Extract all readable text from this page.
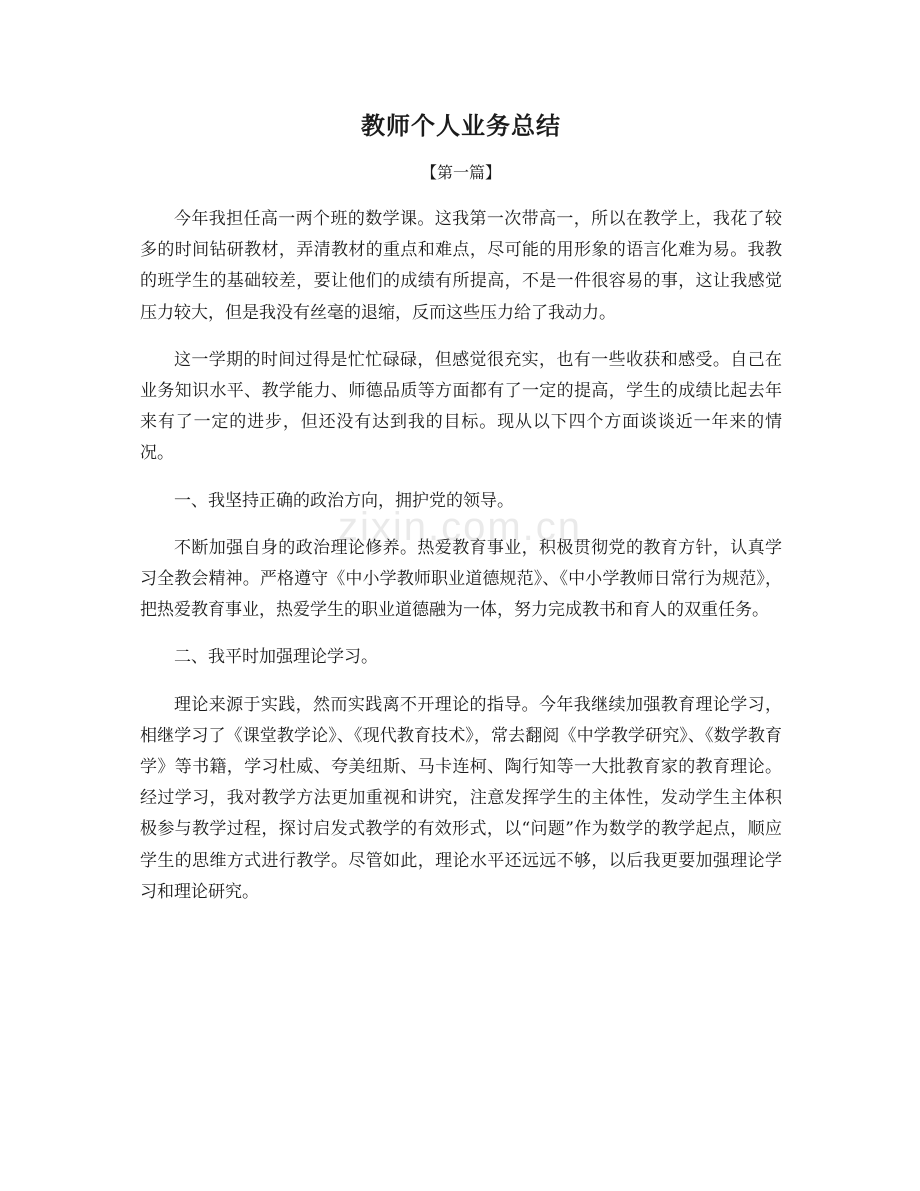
zixin.com.cn
教师个人业务总结

【第一篇】

今年我担任高一两个班的数学课。这我第一次带高一，所以在教学上，我花了较多的时间钻研教材，弄清教材的重点和难点，尽可能的用形象的语言化难为易。我教的班学生的基础较差，要让他们的成绩有所提高，不是一件很容易的事，这让我感觉压力较大，但是我没有丝毫的退缩，反而这些压力给了我动力。

这一学期的时间过得是忙忙碌碌，但感觉很充实，也有一些收获和感受。自己在业务知识水平、教学能力、师德品质等方面都有了一定的提高，学生的成绩比起去年来有了一定的进步，但还没有达到我的目标。现从以下四个方面谈谈近一年来的情况。

一、我坚持正确的政治方向，拥护党的领导。

不断加强自身的政治理论修养。热爱教育事业，积极贯彻党的教育方针，认真学习全教会精神。严格遵守《中小学教师职业道德规范》、《中小学教师日常行为规范》，把热爱教育事业，热爱学生的职业道德融为一体，努力完成教书和育人的双重任务。

二、我平时加强理论学习。

理论来源于实践，然而实践离不开理论的指导。今年我继续加强教育理论学习，相继学习了《课堂教学论》、《现代教育技术》，常去翻阅《中学教学研究》、《数学教育学》等书籍，学习杜威、夸美纽斯、马卡连柯、陶行知等一大批教育家的教育理论。经过学习，我对教学方法更加重视和讲究，注意发挥学生的主体性，发动学生主体积极参与教学过程，探讨启发式教学的有效形式，以“问题”作为数学的教学起点，顺应学生的思维方式进行教学。尽管如此，理论水平还远远不够，以后我更要加强理论学习和理论研究。
